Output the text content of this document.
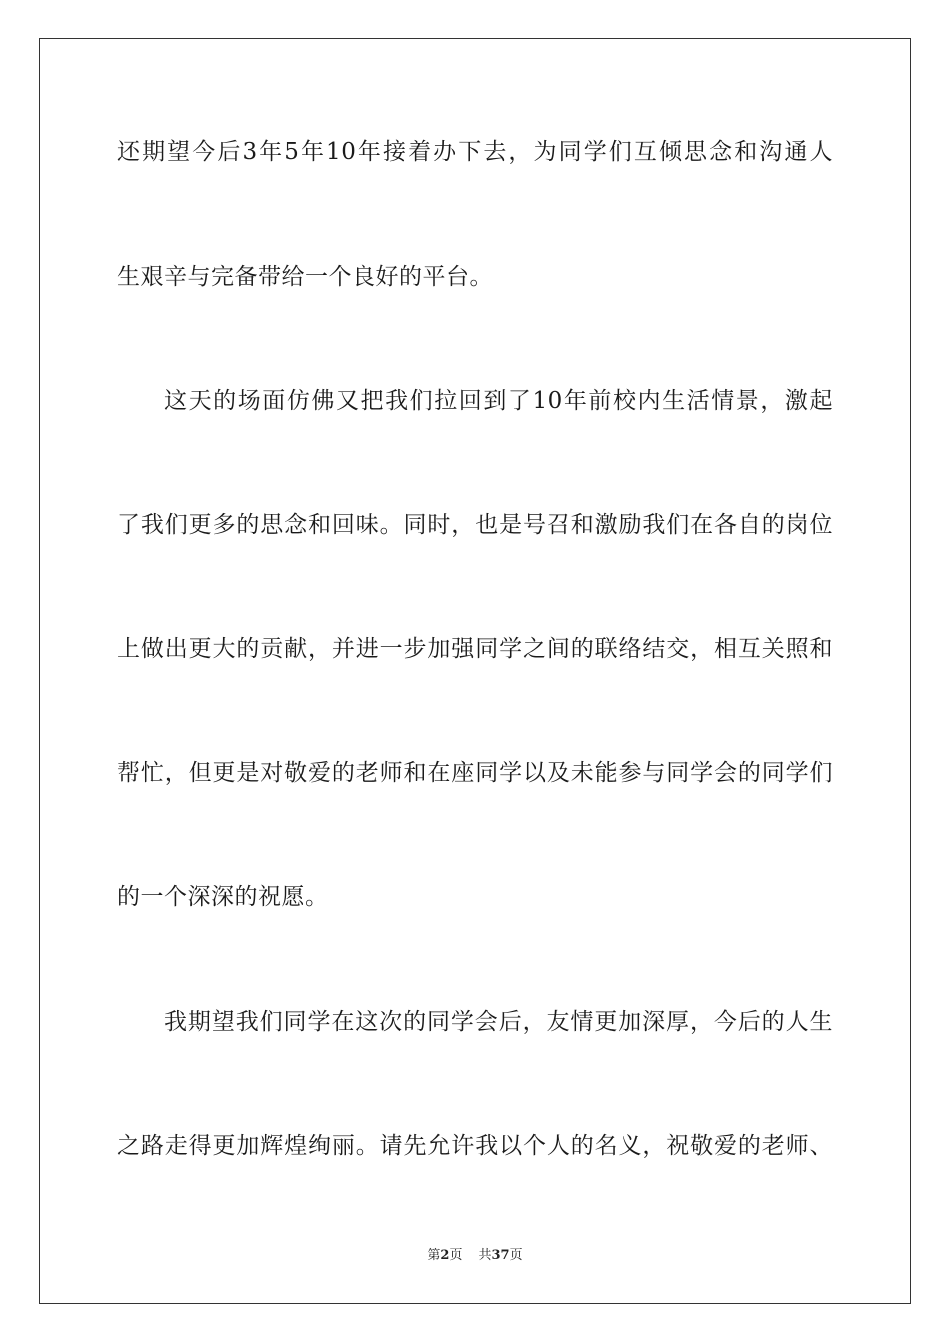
还期望今后3年5年10年接着办下去，为同学们互倾思念和沟通人
生艰辛与完备带给一个良好的平台。
这天的场面仿佛又把我们拉回到了10年前校内生活情景，激起
了我们更多的思念和回味。同时，也是号召和激励我们在各自的岗位
上做出更大的贡献，并进一步加强同学之间的联络结交，相互关照和
帮忙，但更是对敬爱的老师和在座同学以及未能参与同学会的同学们
的一个深深的祝愿。
我期望我们同学在这次的同学会后，友情更加深厚，今后的人生
之路走得更加辉煌绚丽。请先允许我以个人的名义，祝敬爱的老师、
第2页 共37页
